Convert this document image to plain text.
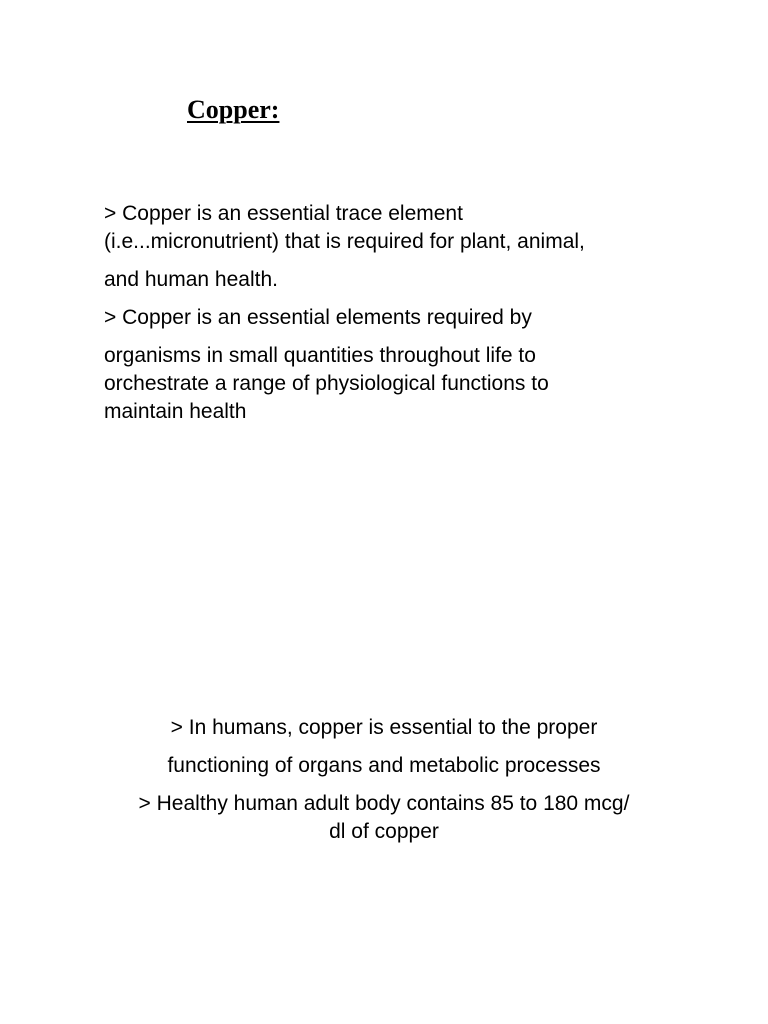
Copper:
> Copper is an essential trace element
(i.e...micronutrient) that is required for plant, animal,
and human health.
> Copper is an essential elements required by
organisms in small quantities throughout life to
orchestrate a range of physiological functions to
maintain health
> In humans, copper is essential to the proper
functioning of organs and metabolic processes
> Healthy human adult body contains 85 to 180 mcg/
dl of copper
